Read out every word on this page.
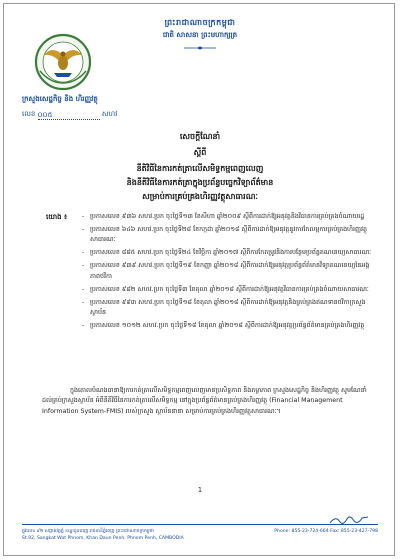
ព្រះរាជាណាចក្រកម្ពុជា
ជាតិ សាសនា ព្រះមហាក្សត្រ
ក្រសួងសេដ្ឋកិច្ច និង ហិរញ្ញវត្ថុ
លេខ ០០៥	សហវ
សេចក្តីណែនាំ
ស្តីពី
នីតិវិធីនៃការកត់ត្រាលើសមិទ្ធកម្មពេញលេញ
និងនីតិវិធីនៃការកត់ត្រាក្នុងប្រព័ន្ធបច្ចេកវិទ្យាព័ត៌មាន
សម្រាប់ការគ្រប់គ្រងហិរញ្ញវត្ថុសាធារណៈ
យោង ៖
-	ប្រកាសលេខ ៩៣៦ សហវ.ប្រក ចុះថ្ងៃទី១៣ ខែសីហា ឆ្នាំ២០០៩ ស្តីពីការដាក់ឱ្យអនុវត្តនិងវិធានការគ្រប់គ្រងចំណាយរដ្ឋ
- ប្រកាសលេខ ៦៤៦ សហវ.ប្រក ចុះថ្ងៃទី២៨ ខែកក្កដា ឆ្នាំ២០១៨ ស្តីពីការដាក់ឱ្យអនុវត្តនូវការកែលម្អការគ្រប់គ្រងហិរញ្ញវត្ថុសាធារណៈ
- ប្រកាសលេខ ៨៨៥ សហវ.ប្រក ចុះថ្ងៃទី២៤ ខែវិច្ឆិកា ឆ្នាំ២០១៧ ស្តីពីការកែតម្រូវនិងការបន្ថែមប្រព័ន្ធគណនេយ្យសាធារណៈ
- ប្រកាសលេខ ៩៣៩ សហវ.ប្រក ចុះថ្ងៃទី១៩ ខែកញ្ញា ឆ្នាំ២០១៨ ស្តីពីការដាក់ឱ្យអនុវត្តប្រព័ន្ធព័ត៌មានវិទ្យាគណនេយ្យនៃអង្គភាពថវិកា
- ប្រកាសលេខ ៩៨២ សហវ.ប្រក ចុះថ្ងៃទី៣ ខែតុលា ឆ្នាំ២០១៨ ស្តីពីការដាក់ឱ្យអនុវត្តវិធានការគ្រប់គ្រងចំណាយសាធារណៈ
- ប្រកាសលេខ ៩៩៣ សហវ.ប្រក ចុះថ្ងៃទី១៨ ខែតុលា ឆ្នាំ២០១៨ ស្តីពីការដាក់ឱ្យអនុវត្តនិងគ្រប់គ្រងឥណទានថវិកាក្រសួងស្ថាប័ន
- ប្រកាសលេខ ១០១២ សហវ.ប្រក ចុះថ្ងៃទី១៨ ខែតុលា ឆ្នាំ២០១៨ ស្តីពីការដាក់ឱ្យអនុវត្តប្រព័ន្ធព័ត៌មានគ្រប់គ្រងហិរញ្ញវត្ថុ
ក្នុងគោលបំណងធានាឱ្យការកត់ត្រាលើសមិទ្ធកម្មពេញលេញមានប្រសិទ្ធភាព និងតម្លាភាព ក្រសួងសេដ្ឋកិច្ច និងហិរញ្ញវត្ថុ សូមណែនាំដល់គ្រប់ក្រសួងស្ថាប័ន អំពីនីតិវិធីនៃការកត់ត្រាលើសមិទ្ធកម្ម នៅក្នុងប្រព័ន្ធព័ត៌មានគ្រប់គ្រងហិរញ្ញវត្ថុ (Financial Management Information System-FMIS) របស់ក្រសួង ស្ថាប័ននានា សម្រាប់ការគ្រប់គ្រងហិរញ្ញវត្ថុសាធារណៈ។
1
ផ្លូវលេខ ៩២ សង្កាត់វត្តភ្នំ ខណ្ឌដូនពេញ រាជធានីភ្នំពេញ ព្រះរាជាណាចក្រកម្ពុជា
St.92, Sangkat Wat Phnom, Khan Daun Penh, Phnom Penh, CAMBODIA
Phone: 855-23-724-664 Fax: 855-23-427-798
